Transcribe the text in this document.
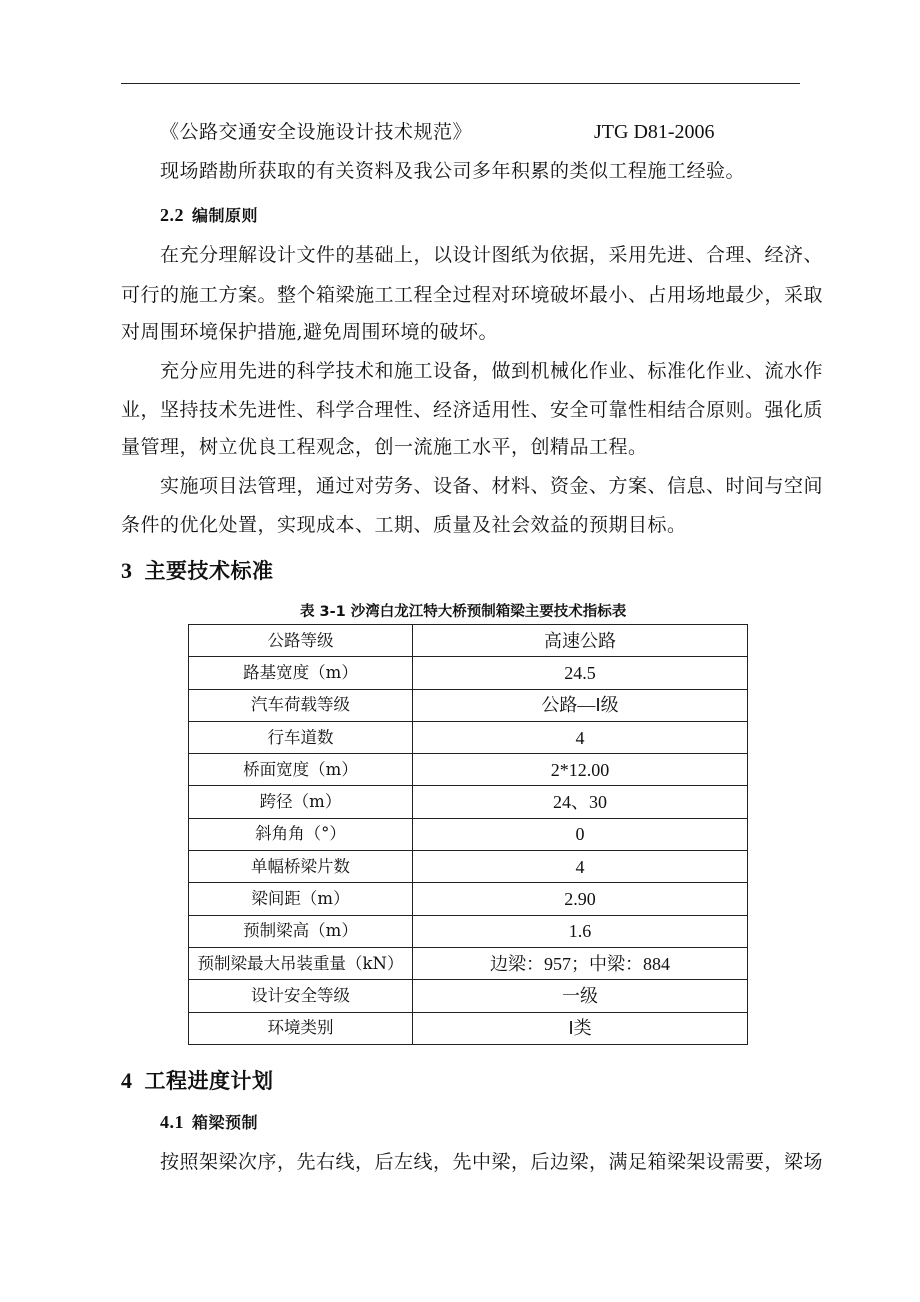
《公路交通安全设施设计技术规范》	JTG D81-2006
现场踏勘所获取的有关资料及我公司多年积累的类似工程施工经验。
2.2 编制原则
在充分理解设计文件的基础上，以设计图纸为依据，采用先进、合理、经济、
可行的施工方案。整个箱梁施工工程全过程对环境破坏最小、占用场地最少，采取
对周围环境保护措施,避免周围环境的破坏。
充分应用先进的科学技术和施工设备，做到机械化作业、标准化作业、流水作
业，坚持技术先进性、科学合理性、经济适用性、安全可靠性相结合原则。强化质
量管理，树立优良工程观念，创一流施工水平，创精品工程。
实施项目法管理，通过对劳务、设备、材料、资金、方案、信息、时间与空间
条件的优化处置，实现成本、工期、质量及社会效益的预期目标。
3 主要技术标准
表 3-1 沙湾白龙江特大桥预制箱梁主要技术指标表
公路等级	高速公路
路基宽度（m）	24.5
汽车荷载等级	公路—Ⅰ级
行车道数	4
桥面宽度（m）	2*12.00
跨径（m）	24、30
斜角角（°）	0
单幅桥梁片数	4
梁间距（m）	2.90
预制梁高（m）	1.6
预制梁最大吊装重量（kN）	边梁：957；中梁：884
设计安全等级	一级
环境类别	Ⅰ类
4 工程进度计划
4.1 箱梁预制
按照架梁次序，先右线，后左线，先中梁，后边梁，满足箱梁架设需要，梁场
